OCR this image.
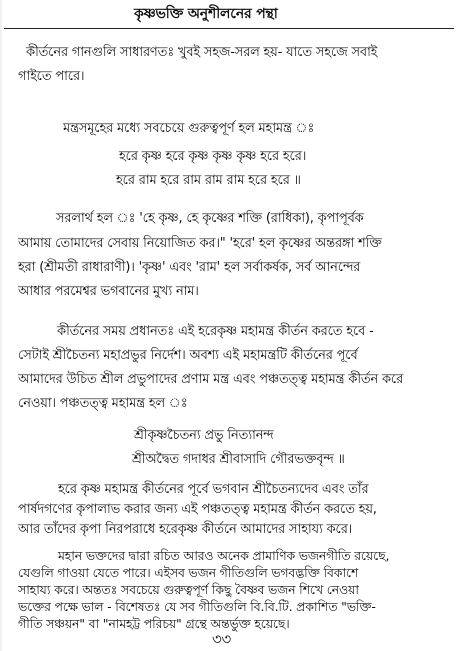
কৃষ্ণভক্তি অনুশীলনের পন্থা
কীর্তনের গানগুলি সাধারণতঃ খুবই সহজ-সরল হয়- যাতে সহজে সবাই
গাইতে পারে।
মন্ত্রসমূহের মধ্যে সবচেয়ে গুরুত্বপূর্ণ হল মহামন্ত্র ঃ
হরে কৃষ্ণ হরে কৃষ্ণ কৃষ্ণ কৃষ্ণ হরে হরে।
হরে রাম হরে রাম রাম রাম হরে হরে ॥
সরলার্থ হল ঃ 'হে কৃষ্ণ, হে কৃষ্ণের শক্তি (রাধিকা), কৃপাপূর্বক
আমায় তোমাদের সেবায় নিয়োজিত কর।" 'হরে' হল কৃষ্ণের অন্তরঙ্গা শক্তি
হরা (শ্রীমতী রাধারাণী)। 'কৃষ্ণ' এবং 'রাম' হল সর্বাকর্ষক, সর্ব আনন্দের
আধার পরমেশ্বর ভগবানের মুখ্য নাম।
কীর্তনের সময় প্রধানতঃ এই হরেকৃষ্ণ মহামন্ত্র কীর্তন করতে হবে -
সেটাই শ্রীচৈতন্য মহাপ্রভুর নির্দেশ। অবশ্য এই মহামন্ত্রটি কীর্তনের পূর্বে
আমাদের উচিত শ্রীল প্রভুপাদের প্রণাম মন্ত্র এবং পঞ্চতত্ত্ব মহামন্ত্র কীর্তন করে
নেওয়া। পঞ্চতত্ত্ব মহামন্ত্র হল ঃ
শ্রীকৃষ্ণচৈতন্য প্রভু নিত্যানন্দ
শ্রীঅদ্বৈত গদাধর শ্রীবাসাদি গৌরভক্তবৃন্দ ॥
হরে কৃষ্ণ মহামন্ত্র কীর্তনের পূর্বে ভগবান শ্রীচৈতন্যদেব এবং তাঁর
পার্ষদগণের কৃপালাভ করার জন্য এই পঞ্চতত্ত্ব মহামন্ত্র কীর্তন করতে হয়,
আর তাঁদের কৃপা নিরপরাধে হরেকৃষ্ণ কীর্তনে আমাদের সাহায্য করে।
৩৩
মহান ভক্তদের দ্বারা রচিত আরও অনেক প্রামাণিক ভজনগীতি রয়েছে,
যেগুলি গাওয়া যেতে পারে। এইসব ভজন গীতিগুলি ভগবদ্ভক্তি বিকাশে
সাহায্য করে। অন্ততঃ সবচেয়ে গুরুত্বপূর্ণ কিছু বৈষ্ণব ভজন শিখে নেওয়া
ভক্তের পক্ষে ভাল - বিশেষতঃ যে সব গীতিগুলি বি.বি.টি. প্রকাশিত "ভক্তি-
গীতি সঞ্চয়ন" বা "নামহট্ট পরিচয়" গ্রন্থে অন্তর্ভুক্ত হয়েছে।
